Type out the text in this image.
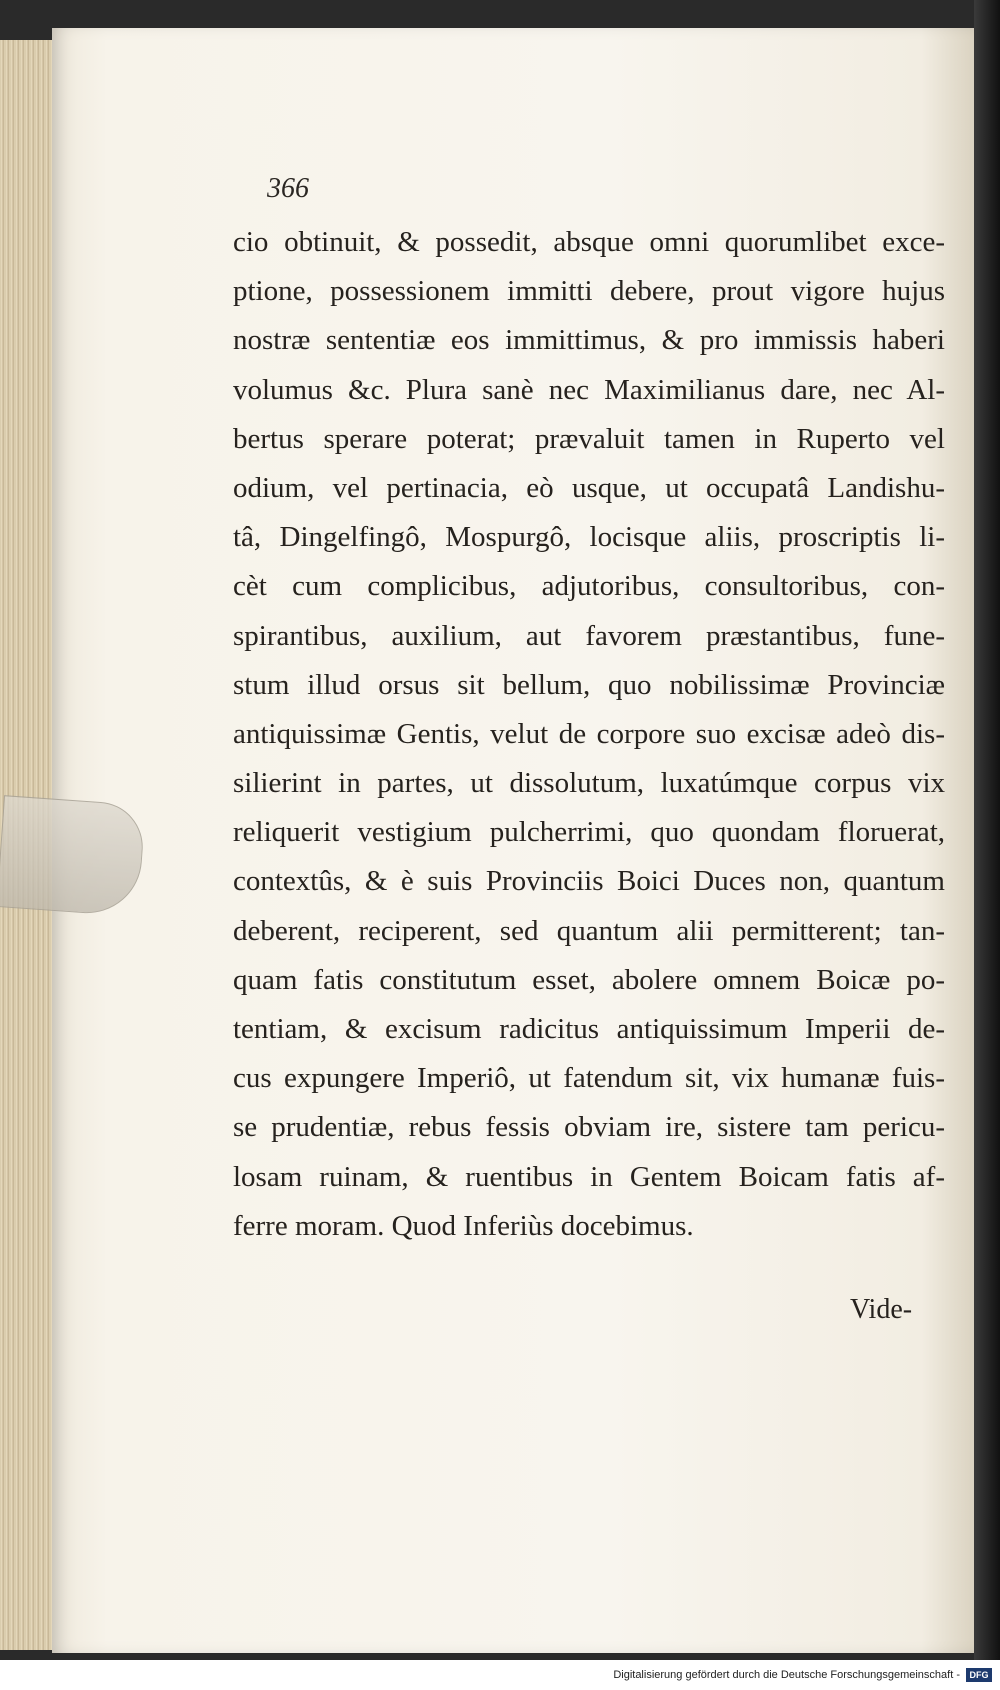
366
cio obtinuit, & possedit, absque omni quorumlibet exce-
ptione, possessionem immitti debere, prout vigore hujus
nostræ sententiæ eos immittimus, & pro immissis haberi
volumus &c. Plura sanè nec Maximilianus dare, nec Al-
bertus sperare poterat; prævaluit tamen in Ruperto vel
odium, vel pertinacia, eò usque, ut occupatâ Landishu-
tâ, Dingelfingô, Mospurgô, locisque aliis, proscriptis li-
cèt cum complicibus, adjutoribus, consultoribus, con-
spirantibus, auxilium, aut favorem præstantibus, fune-
stum illud orsus sit bellum, quo nobilissimæ Provinciæ
antiquissimæ Gentis, velut de corpore suo excisæ adeò dis-
silierint in partes, ut dissolutum, luxatúmque corpus vix
reliquerit vestigium pulcherrimi, quo quondam floruerat,
contextûs, & è suis Provinciis Boici Duces non, quantum
deberent, reciperent, sed quantum alii permitterent; tan-
quam fatis constitutum esset, abolere omnem Boicæ po-
tentiam, & excisum radicitus antiquissimum Imperii de-
cus expungere Imperiô, ut fatendum sit, vix humanæ fuis-
se prudentiæ, rebus fessis obviam ire, sistere tam pericu-
losam ruinam, & ruentibus in Gentem Boicam fatis af-
ferre moram. Quod Inferiùs docebimus.
Vide-
Digitalisierung gefördert durch die Deutsche Forschungsgemeinschaft -	DFG
